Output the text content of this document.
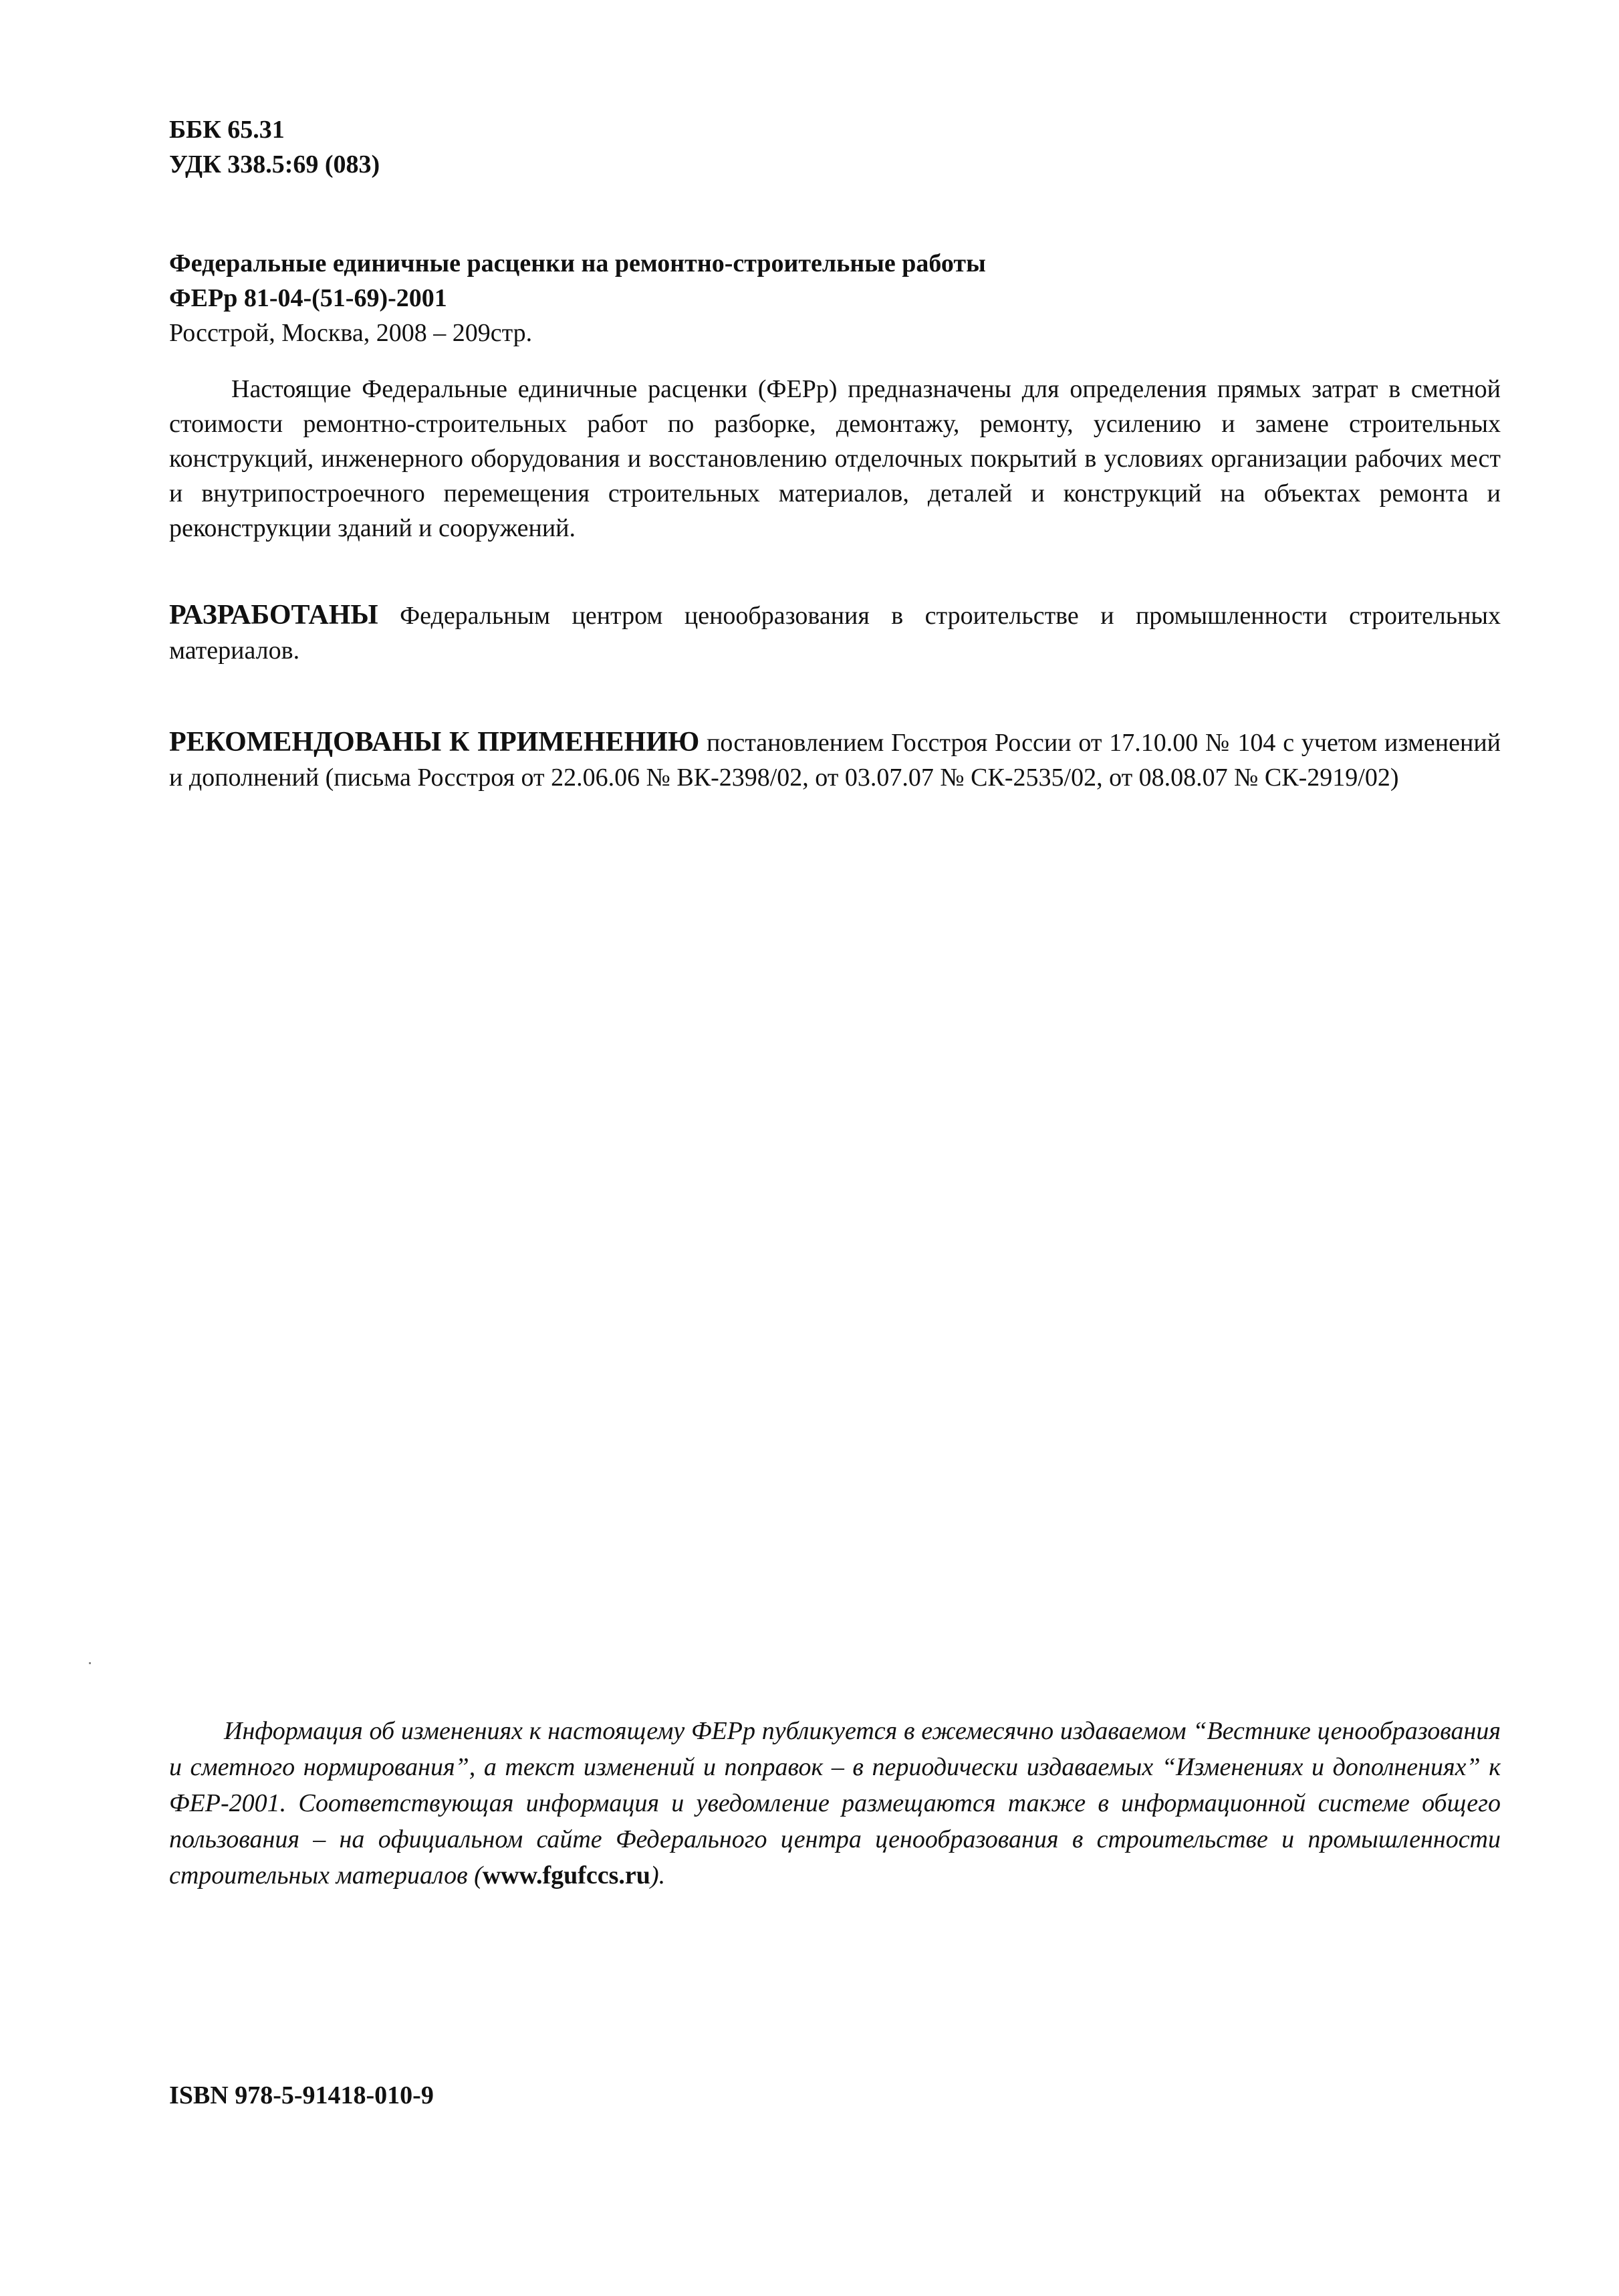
ББК 65.31
УДК 338.5:69 (083)
Федеральные единичные расценки на ремонтно-строительные работы
ФЕРр 81-04-(51-69)-2001
Росстрой, Москва, 2008 – 209стр.
Настоящие Федеральные единичные расценки (ФЕРр) предназначены для определения прямых затрат в сметной стоимости ремонтно-строительных работ по разборке, демонтажу, ремонту, усилению и замене строительных конструкций, инженерного оборудования и восстановлению отделочных покрытий в условиях организации рабочих мест и внутрипостроечного перемещения строительных материалов, деталей и конструкций на объектах ремонта и реконструкции зданий и сооружений.
РАЗРАБОТАНЫ Федеральным центром ценообразования в строительстве и промышленности строительных материалов.
РЕКОМЕНДОВАНЫ К ПРИМЕНЕНИЮ постановлением Госстроя России от 17.10.00 № 104 с учетом изменений и дополнений (письма Росстроя от 22.06.06 № ВК-2398/02, от 03.07.07 № СК-2535/02, от 08.08.07 № СК-2919/02)
Информация об изменениях к настоящему ФЕРр публикуется в ежемесячно издаваемом “Вестнике ценообразования и сметного нормирования”, а текст изменений и поправок – в периодически издаваемых “Изменениях и дополнениях” к ФЕР-2001. Соответствующая информация и уведомление размещаются также в информационной системе общего пользования – на официальном сайте Федерального центра ценообразования в строительстве и промышленности строительных материалов (www.fgufccs.ru).
ISBN 978-5-91418-010-9
